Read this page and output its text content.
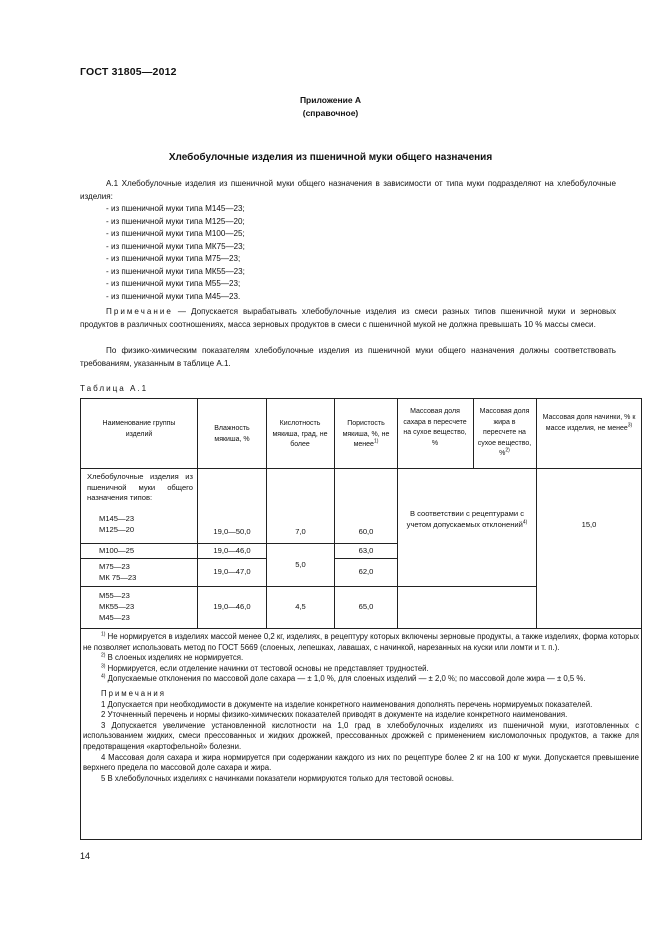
ГОСТ 31805—2012
Приложение А
(справочное)
Хлебобулочные изделия из пшеничной муки общего назначения
А.1 Хлебобулочные изделия из пшеничной муки общего назначения в зависимости от типа муки подразделяют на хлебобулочные изделия:
- из пшеничной муки типа М145—23;
- из пшеничной муки типа М125—20;
- из пшеничной муки типа М100—25;
- из пшеничной муки типа МК75—23;
- из пшеничной муки типа М75—23;
- из пшеничной муки типа МК55—23;
- из пшеничной муки типа М55—23;
- из пшеничной муки типа М45—23.
Примечание — Допускается вырабатывать хлебобулочные изделия из смеси разных типов пшеничной муки и зерновых продуктов в различных соотношениях, масса зерновых продуктов в смеси с пшеничной мукой не должна превышать 10 % массы смеси.
По физико-химическим показателям хлебобулочные изделия из пшеничной муки общего назначения должны соответствовать требованиям, указанным в таблице А.1.
Таблица А.1
Наименование группы изделий
Влажность мякиша, %
Кислотность мякиша, град, не более
Пористость мякиша, %, не менее$^{1)}$
Массовая доля сахара в пересчете на сухое вещество, %
Массовая доля жира в пересчете на сухое вещество, %$^{2)}$
Массовая доля начинки, % к массе изделия, не менее$^{3)}$
Хлебобулочные изделия из пшеничной муки общего назначения типов:
М145—23
М125—20
М100—25
М75—23
МК 75—23
М55—23
МК55—23
М45—23
19,0—50,0
19,0—46,0
19,0—47,0
19,0—46,0
7,0
5,0
4,5
60,0
63,0
62,0
65,0
В соответствии с рецептурами с учетом допускаемых отклонений$^{4)}$	15,0

$^{1)}$ Не нормируется в изделиях массой менее 0,2 кг, изделиях, в рецептуру которых включены зерновые продукты, а также изделиях, форма которых не позволяет использовать метод по ГОСТ 5669 (слоеных, лепешках, лавашах, с начинкой, нарезанных на куски или ломти и т. п.).

$^{2)}$ В слоеных изделиях не нормируется.

$^{3)}$ Нормируется, если отделение начинки от тестовой основы не представляет трудностей.

$^{4)}$ Допускаемые отклонения по массовой доле сахара — ± 1,0 %, для слоеных изделий — ± 2,0 %; по массовой доле жира — ± 0,5 %.

Примечания

1 Допускается при необходимости в документе на изделие конкретного наименования дополнять перечень нормируемых показателей.

2 Уточненный перечень и нормы физико-химических показателей приводят в документе на изделие конкретного наименования.

3 Допускается увеличение установленной кислотности на 1,0 град в хлебобулочных изделиях из пшеничной муки, изготовленных с использованием жидких, смеси прессованных и жидких дрожжей, прессованных дрожжей с применением кисломолочных продуктов, а также для предотвращения «картофельной» болезни.

4 Массовая доля сахара и жира нормируется при содержании каждого из них по рецептуре более 2 кг на 100 кг муки. Допускается превышение верхнего предела по массовой доле сахара и жира.

5 В хлебобулочных изделиях с начинками показатели нормируются только для тестовой основы.

14
